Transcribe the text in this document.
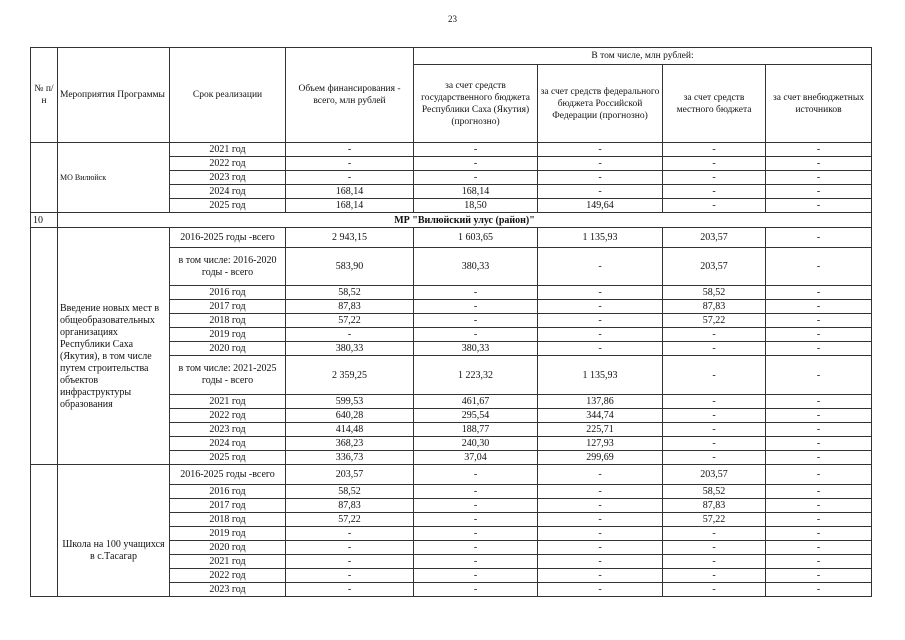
23
№ п/н	Мероприятия Программы	Срок реализации	Объем финансирования - всего, млн рублей	В том числе, млн рублей:			
				за счет средств государственного бюджета Республики Саха (Якутия) (прогнозно)	за счет средств федерального бюджета Российской Федерации (прогнозно)	за счет средств местного бюджета	за счет внебюджетных источников
	МО Вилюйск	2021 год	-	-	-	-	-
		2022 год	-	-	-	-	-
		2023 год	-	-	-	-	-
		2024 год	168,14	168,14	-	-	-
		2025 год	168,14	18,50	149,64	-	-
10	МР "Вилюйский улус (район)"						
	Введение новых мест в общеобразовательных организациях Республики Саха (Якутия), в том числе путем строительства объектов инфраструктуры образования	2016-2025 годы -всего	2 943,15	1 603,65	1 135,93	203,57	-
		в том числе: 2016-2020 годы - всего	583,90	380,33	-	203,57	-
		2016 год	58,52	-	-	58,52	-
		2017 год	87,83	-	-	87,83	-
		2018 год	57,22	-	-	57,22	-
		2019 год	-	-	-	-	-
		2020 год	380,33	380,33	-	-	-
		в том числе: 2021-2025 годы - всего	2 359,25	1 223,32	1 135,93	-	-
		2021 год	599,53	461,67	137,86	-	-
		2022 год	640,28	295,54	344,74	-	-
		2023 год	414,48	188,77	225,71	-	-
		2024 год	368,23	240,30	127,93	-	-
		2025 год	336,73	37,04	299,69	-	-
	Школа на 100 учащихся в с.Тасагар	2016-2025 годы -всего	203,57	-	-	203,57	-
		2016 год	58,52	-	-	58,52	-
		2017 год	87,83	-	-	87,83	-
		2018 год	57,22	-	-	57,22	-
		2019 год	-	-	-	-	-
		2020 год	-	-	-	-	-
		2021 год	-	-	-	-	-
		2022 год	-	-	-	-	-
		2023 год	-	-	-	-	-
